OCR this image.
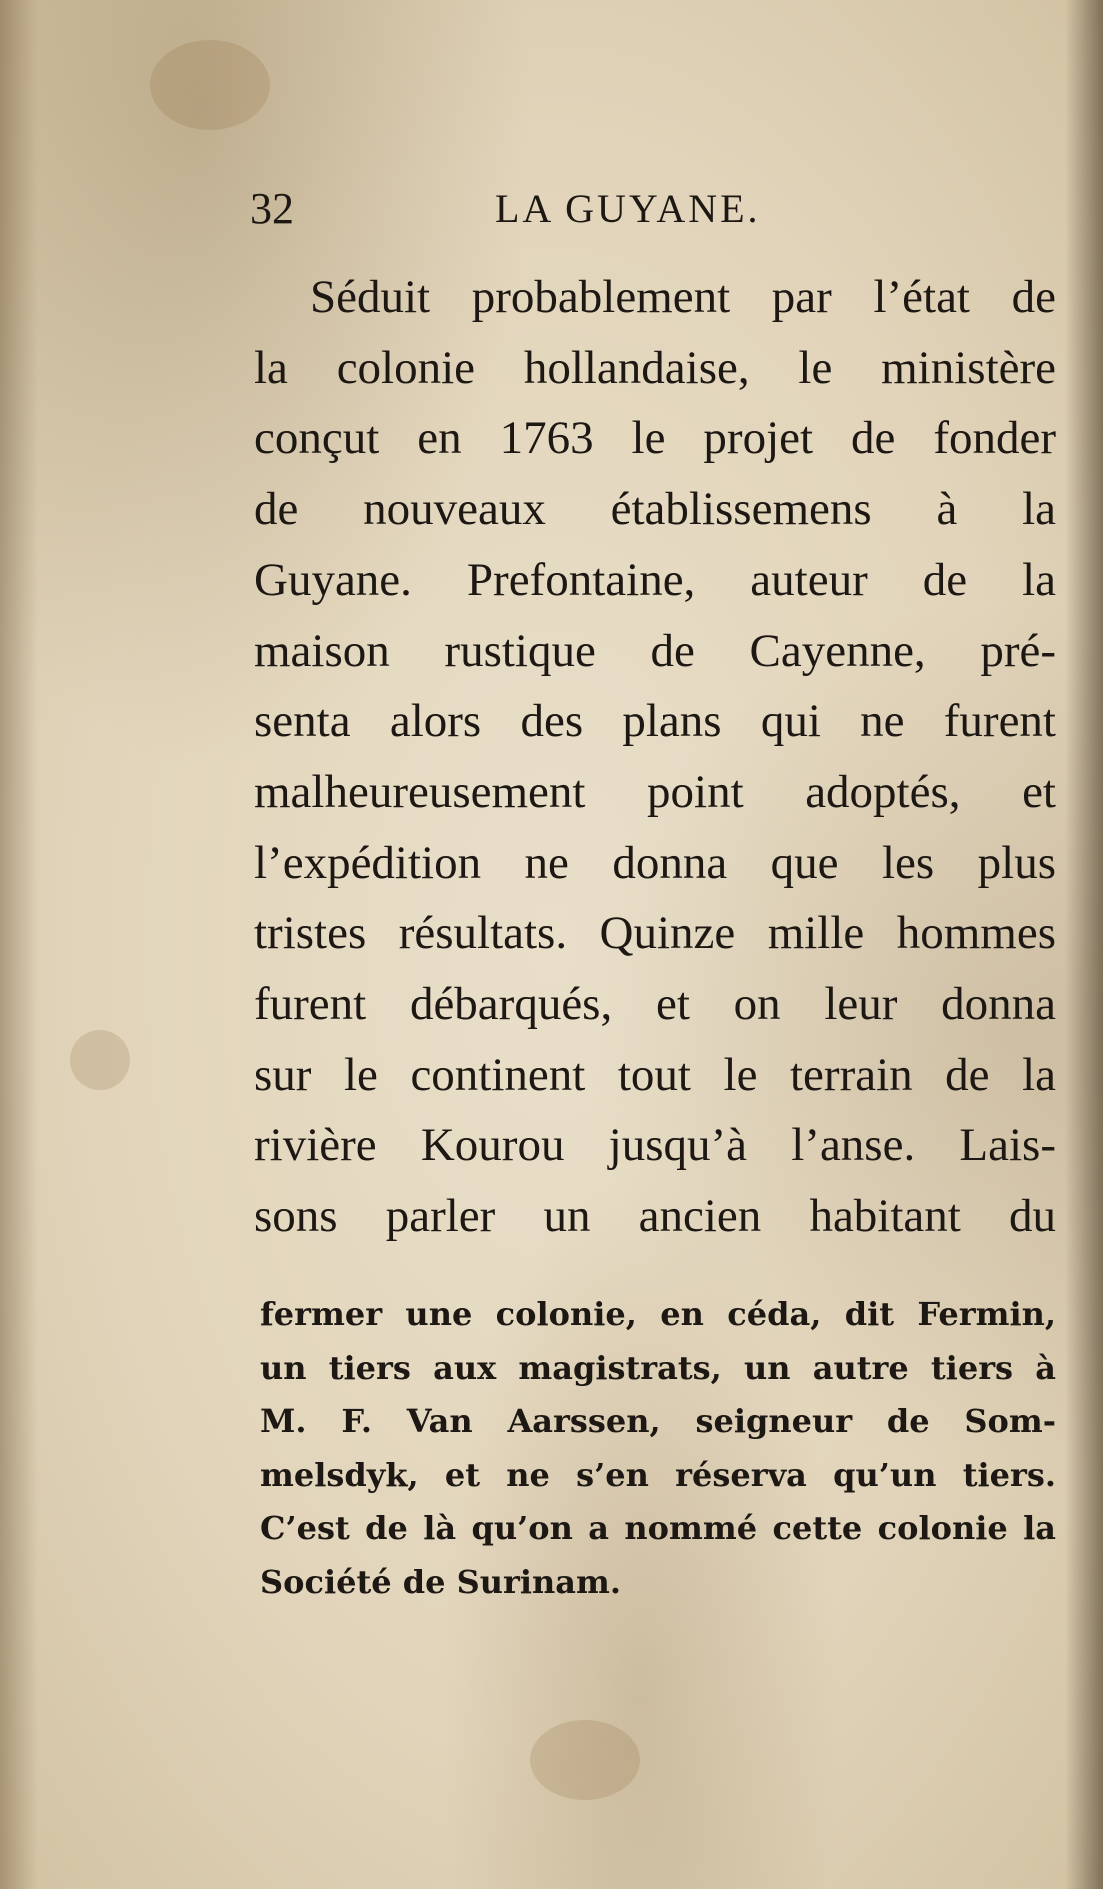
32	LA GUYANE.
Séduit probablement par l’état de
la colonie hollandaise, le ministère
conçut en 1763 le projet de fonder
de nouveaux établissemens à la
Guyane. Prefontaine, auteur de la
maison rustique de Cayenne, pré-
senta alors des plans qui ne furent
malheureusement point adoptés, et
l’expédition ne donna que les plus
tristes résultats. Quinze mille hommes
furent débarqués, et on leur donna
sur le continent tout le terrain de la
rivière Kourou jusqu’à l’anse. Lais-
sons parler un ancien habitant du
fermer une colonie, en céda, dit Fermin,
un tiers aux magistrats, un autre tiers à
M. F. Van Aarssen, seigneur de Som-
melsdyk, et ne s’en réserva qu’un tiers.
C’est de là qu’on a nommé cette colonie la
Société de Surinam.
